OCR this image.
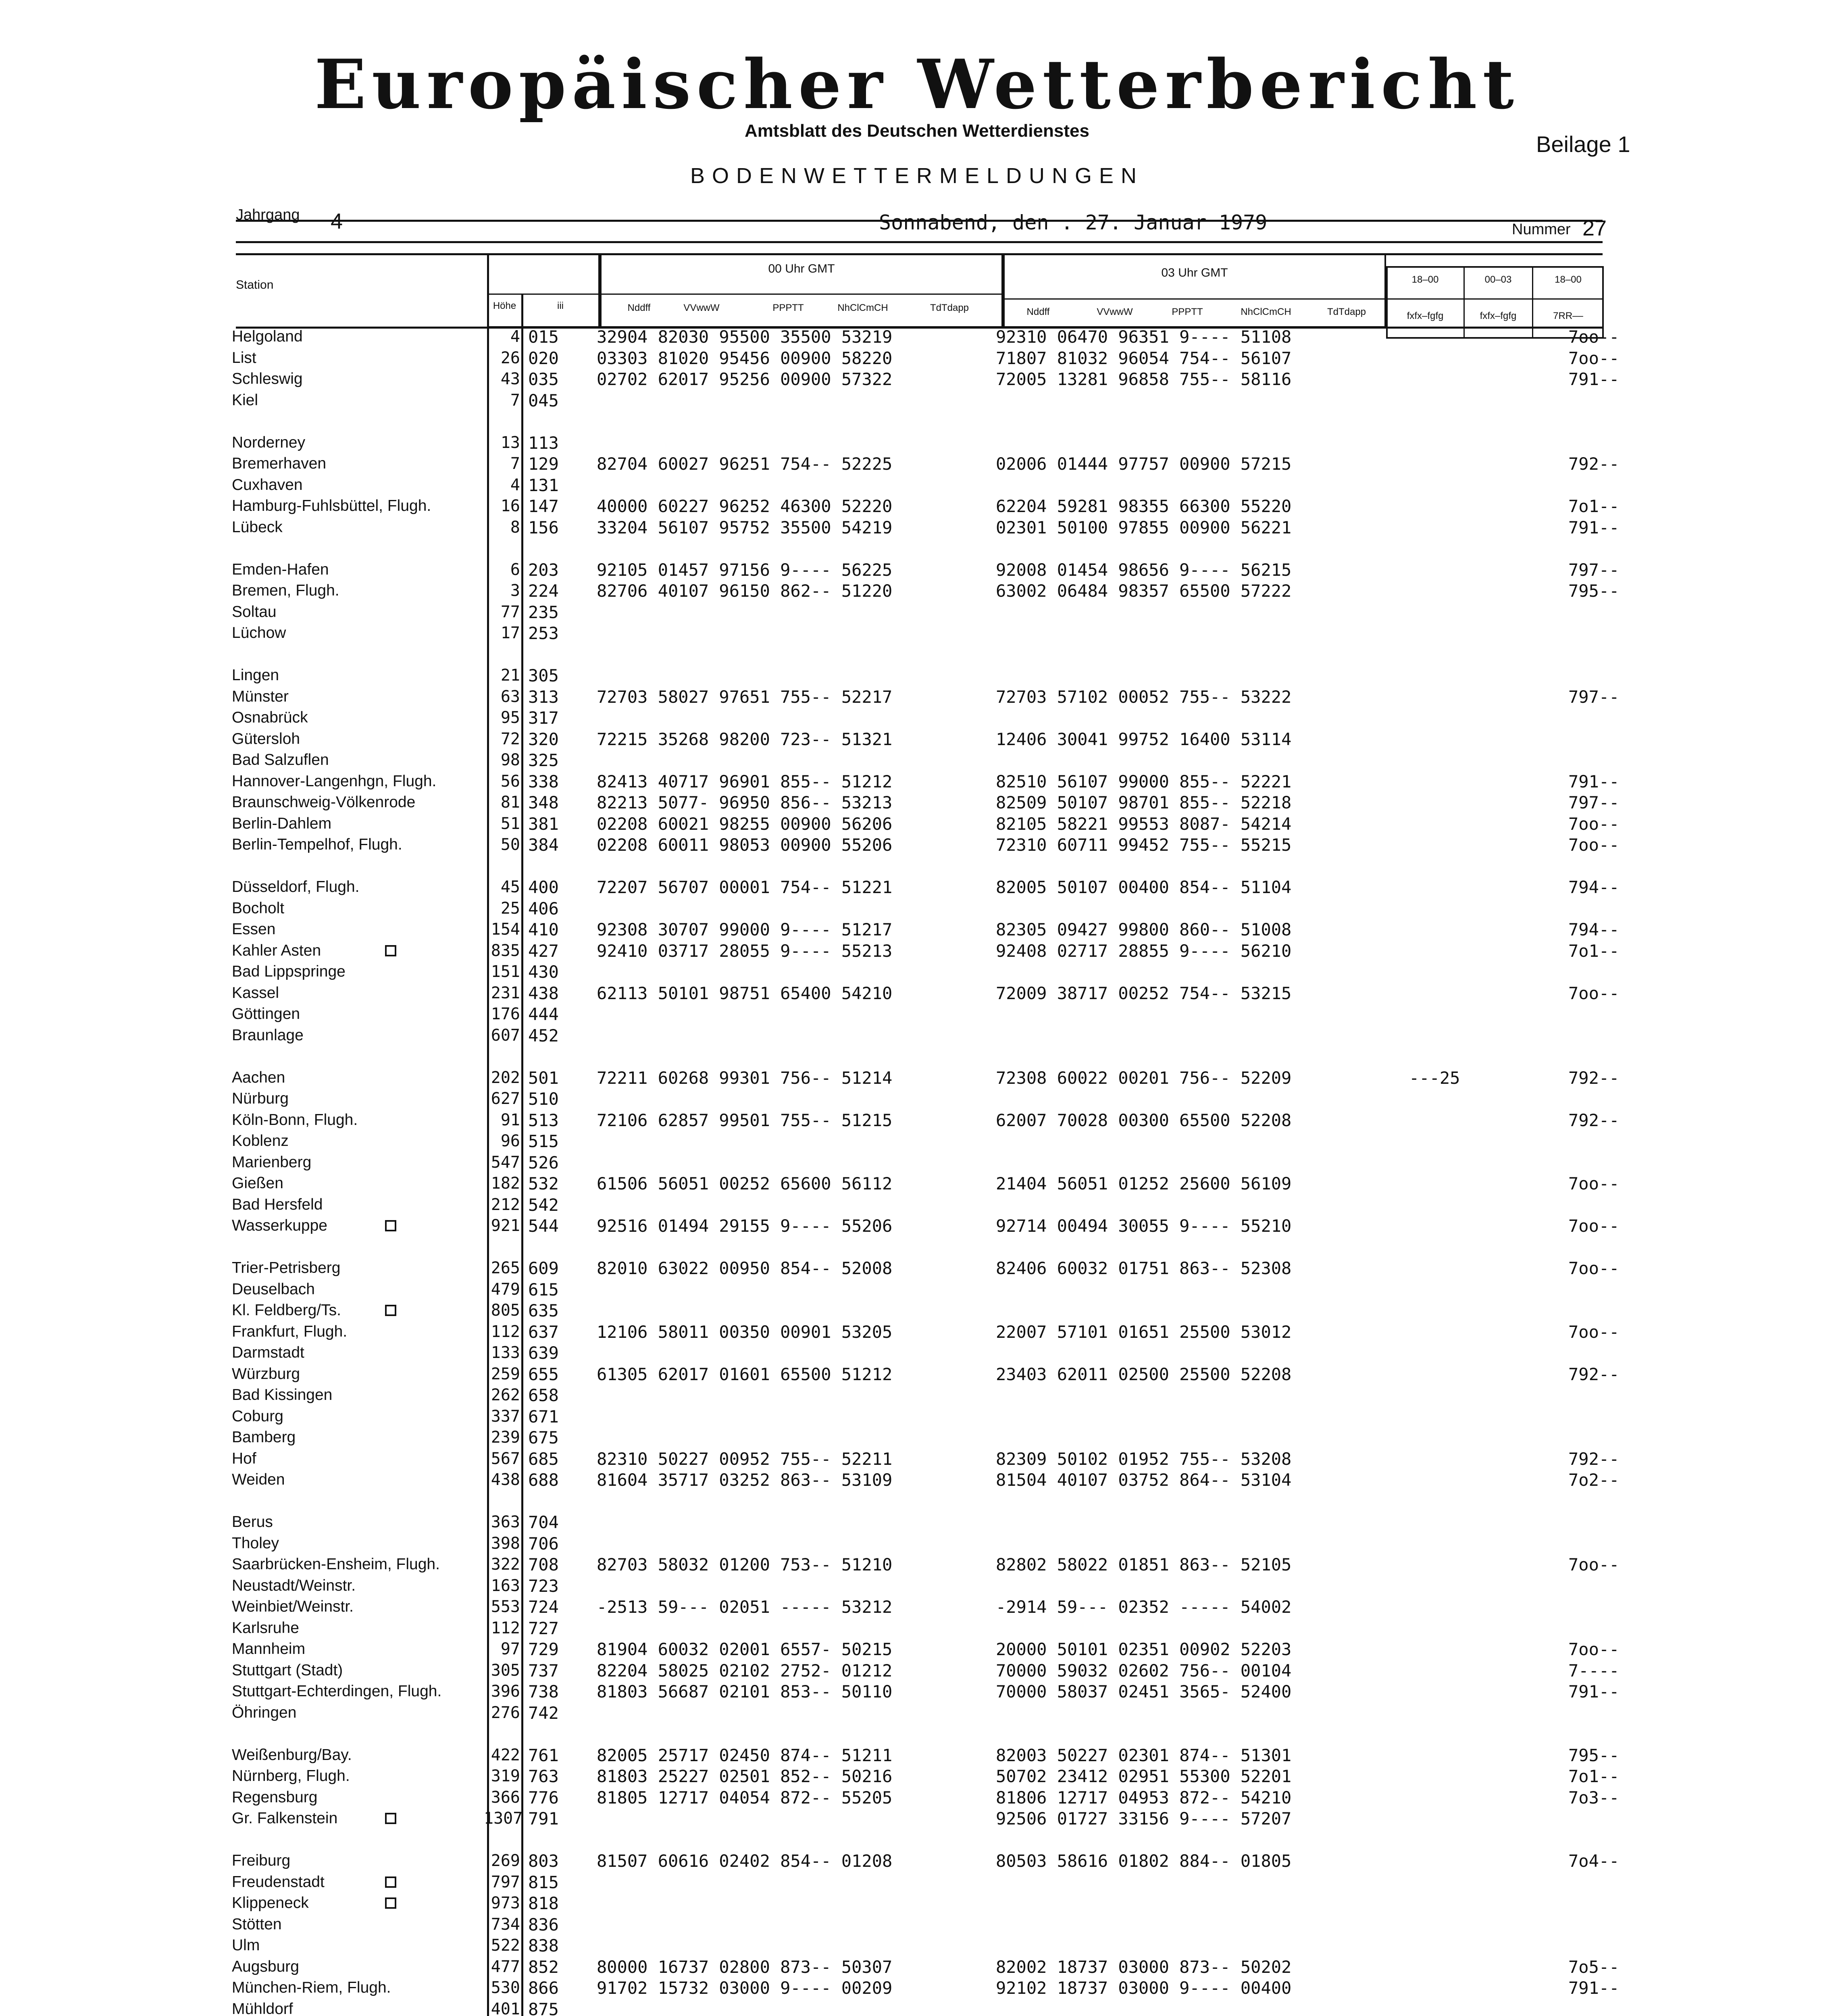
Europäischer Wetterbericht

Amtsblatt des Deutschen Wetterdienstes

Beilage 1

BODENWETTERMELDUNGEN

Jahrgang 4	Sonnabend, den . 27. Januar 1979	Nummer 27
Station
Höhe	iii
00 Uhr GMT
Nddff	VVwwW	PPPTT	NhClCmCH	TdTdapp
03 Uhr GMT
Nddff	VVwwW	PPPTT	NhClCmCH	TdTdapp
18–00	00–03	18–00
fxfx–fgfg	fxfx–fgfg	7RR––
Helgoland	4 015 32904 82030 95500 35500 53219	92310 06470 96351 9---- 51108	7oo--
List	26 020 03303 81020 95456 00900 58220	71807 81032 96054 754-- 56107	7oo--
Schleswig	43 035 02702 62017 95256 00900 57322	72005 13281 96858 755-- 58116	791--
Kiel	7 045
Norderney	13 113
Bremerhaven	7 129 82704 60027 96251 754-- 52225	02006 01444 97757 00900 57215	792--
Cuxhaven	4 131
Hamburg-Fuhlsbüttel, Flugh.	16 147 40000 60227 96252 46300 52220	62204 59281 98355 66300 55220	7o1--
Lübeck	8 156 33204 56107 95752 35500 54219	02301 50100 97855 00900 56221	791--
Emden-Hafen	6 203 92105 01457 97156 9---- 56225	92008 01454 98656 9---- 56215	797--
Bremen, Flugh.	3 224 82706 40107 96150 862-- 51220	63002 06484 98357 65500 57222	795--
Soltau	77 235
Lüchow	17 253
Lingen	21 305
Münster	63 313 72703 58027 97651 755-- 52217	72703 57102 00052 755-- 53222	797--
Osnabrück	95 317
Gütersloh	72 320 72215 35268 98200 723-- 51321	12406 30041 99752 16400 53114
Bad Salzuflen	98 325
Hannover-Langenhgn, Flugh.	56 338 82413 40717 96901 855-- 51212	82510 56107 99000 855-- 52221	791--
Braunschweig-Völkenrode	81 348 82213 5077- 96950 856-- 53213	82509 50107 98701 855-- 52218	797--
Berlin-Dahlem	51 381 02208 60021 98255 00900 56206	82105 58221 99553 8087- 54214	7oo--
Berlin-Tempelhof, Flugh.	50 384 02208 60011 98053 00900 55206	72310 60711 99452 755-- 55215	7oo--
Düsseldorf, Flugh.	45 400 72207 56707 00001 754-- 51221	82005 50107 00400 854-- 51104	794--
Bocholt	25 406
Essen	154 410 92308 30707 99000 9---- 51217	82305 09427 99800 860-- 51008	794--
Kahler Asten	835 427 92410 03717 28055 9---- 55213	92408 02717 28855 9---- 56210	7o1--
Bad Lippspringe	151 430
Kassel	231 438 62113 50101 98751 65400 54210	72009 38717 00252 754-- 53215	7oo--
Göttingen	176 444
Braunlage	607 452
Aachen	202 501 72211 60268 99301 756-- 51214	72308 60022 00201 756-- 52209	---25	792--
Nürburg	627 510
Köln-Bonn, Flugh.	91 513 72106 62857 99501 755-- 51215	62007 70028 00300 65500 52208	792--
Koblenz	96 515
Marienberg	547 526
Gießen	182 532 61506 56051 00252 65600 56112	21404 56051 01252 25600 56109	7oo--
Bad Hersfeld	212 542
Wasserkuppe	921 544 92516 01494 29155 9---- 55206	92714 00494 30055 9---- 55210	7oo--
Trier-Petrisberg	265 609 82010 63022 00950 854-- 52008	82406 60032 01751 863-- 52308	7oo--
Deuselbach	479 615
Kl. Feldberg/Ts.	805 635
Frankfurt, Flugh.	112 637 12106 58011 00350 00901 53205	22007 57101 01651 25500 53012	7oo--
Darmstadt	133 639
Würzburg	259 655 61305 62017 01601 65500 51212	23403 62011 02500 25500 52208	792--
Bad Kissingen	262 658
Coburg	337 671
Bamberg	239 675
Hof	567 685 82310 50227 00952 755-- 52211	82309 50102 01952 755-- 53208	792--
Weiden	438 688 81604 35717 03252 863-- 53109	81504 40107 03752 864-- 53104	7o2--
Berus	363 704
Tholey	398 706
Saarbrücken-Ensheim, Flugh.	322 708 82703 58032 01200 753-- 51210	82802 58022 01851 863-- 52105	7oo--
Neustadt/Weinstr.	163 723
Weinbiet/Weinstr.	553 724 -2513 59--- 02051 ----- 53212	-2914 59--- 02352 ----- 54002
Karlsruhe	112 727
Mannheim	97 729 81904 60032 02001 6557- 50215	20000 50101 02351 00902 52203	7oo--
Stuttgart (Stadt)	305 737 82204 58025 02102 2752- 01212	70000 59032 02602 756-- 00104	7----
Stuttgart-Echterdingen, Flugh.	396 738 81803 56687 02101 853-- 50110	70000 58037 02451 3565- 52400	791--
Öhringen	276 742
Weißenburg/Bay.	422 761 82005 25717 02450 874-- 51211	82003 50227 02301 874-- 51301	795--
Nürnberg, Flugh.	319 763 81803 25227 02501 852-- 50216	50702 23412 02951 55300 52201	7o1--
Regensburg	366 776 81805 12717 04054 872-- 55205	81806 12717 04953 872-- 54210	7o3--
Gr. Falkenstein	1307 791	92506 01727 33156 9---- 57207
Freiburg	269 803 81507 60616 02402 854-- 01208	80503 58616 01802 884-- 01805	7o4--
Freudenstadt	797 815
Klippeneck	973 818
Stötten	734 836
Ulm	522 838
Augsburg	477 852 80000 16737 02800 873-- 50307	82002 18737 03000 873-- 50202	7o5--
München-Riem, Flugh.	530 866 91702 15732 03000 9---- 00209	92102 18737 03000 9---- 00400	791--
Mühldorf	401 875
